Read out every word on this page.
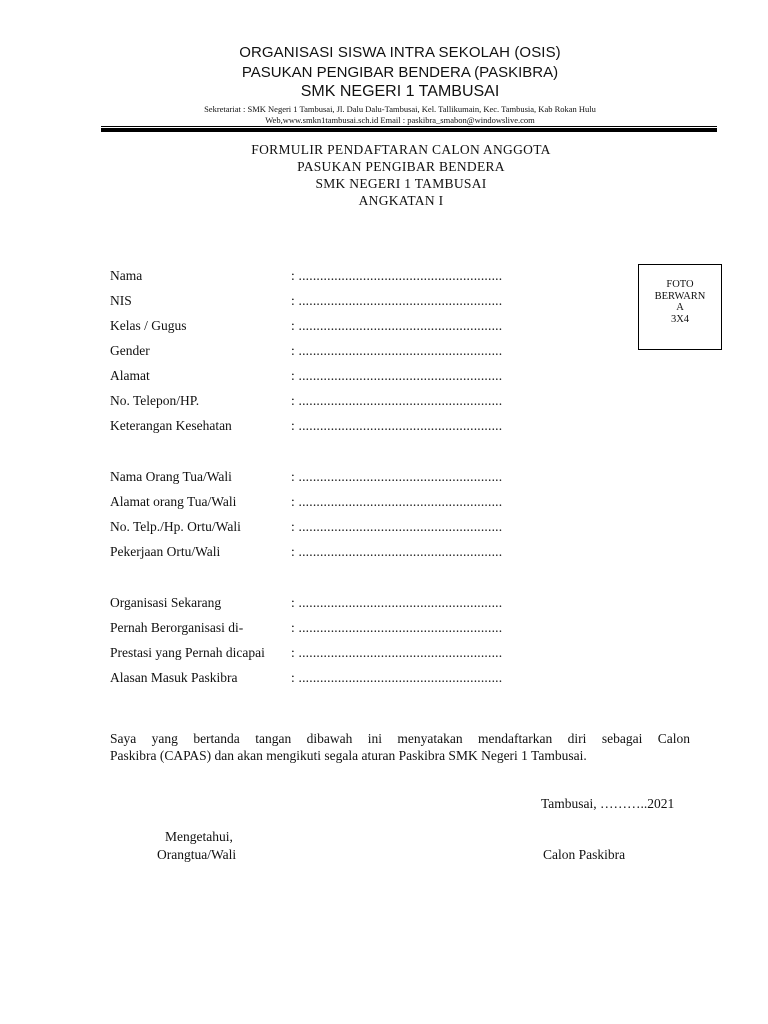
ORGANISASI SISWA INTRA SEKOLAH (OSIS)
PASUKAN PENGIBAR BENDERA (PASKIBRA)
SMK NEGERI 1 TAMBUSAI
Sekretariat : SMK Negeri 1 Tambusai, Jl. Dalu Dalu-Tambusai, Kel. Tallikumain, Kec. Tambusia, Kab Rokan Hulu
Web,www.smkn1tambusai.sch.id Email : paskibra_smabon@windowslive.com
FORMULIR PENDAFTARAN CALON ANGGOTA
PASUKAN PENGIBAR BENDERA
SMK NEGERI 1 TAMBUSAI
ANGKATAN I
Nama	: .........................................................
NIS	: .........................................................
Kelas / Gugus	: .........................................................
Gender	: .........................................................
Alamat	: .........................................................
No. Telepon/HP.	: .........................................................
Keterangan Kesehatan	: .........................................................
Nama Orang Tua/Wali	: .........................................................
Alamat orang Tua/Wali	: .........................................................
No. Telp./Hp. Ortu/Wali	: .........................................................
Pekerjaan Ortu/Wali	: .........................................................
Organisasi Sekarang	: .........................................................
Pernah Berorganisasi di-	: .........................................................
Prestasi yang Pernah dicapai : .........................................................
Alasan Masuk Paskibra	: .........................................................
FOTO
BERWARN
A
3X4
Saya yang bertanda tangan dibawah ini menyatakan mendaftarkan diri sebagai Calon
Paskibra (CAPAS) dan akan mengikuti segala aturan Paskibra SMK Negeri 1 Tambusai.
Tambusai, ………..2021
Mengetahui,
Orangtua/Wali	Calon Paskibra
